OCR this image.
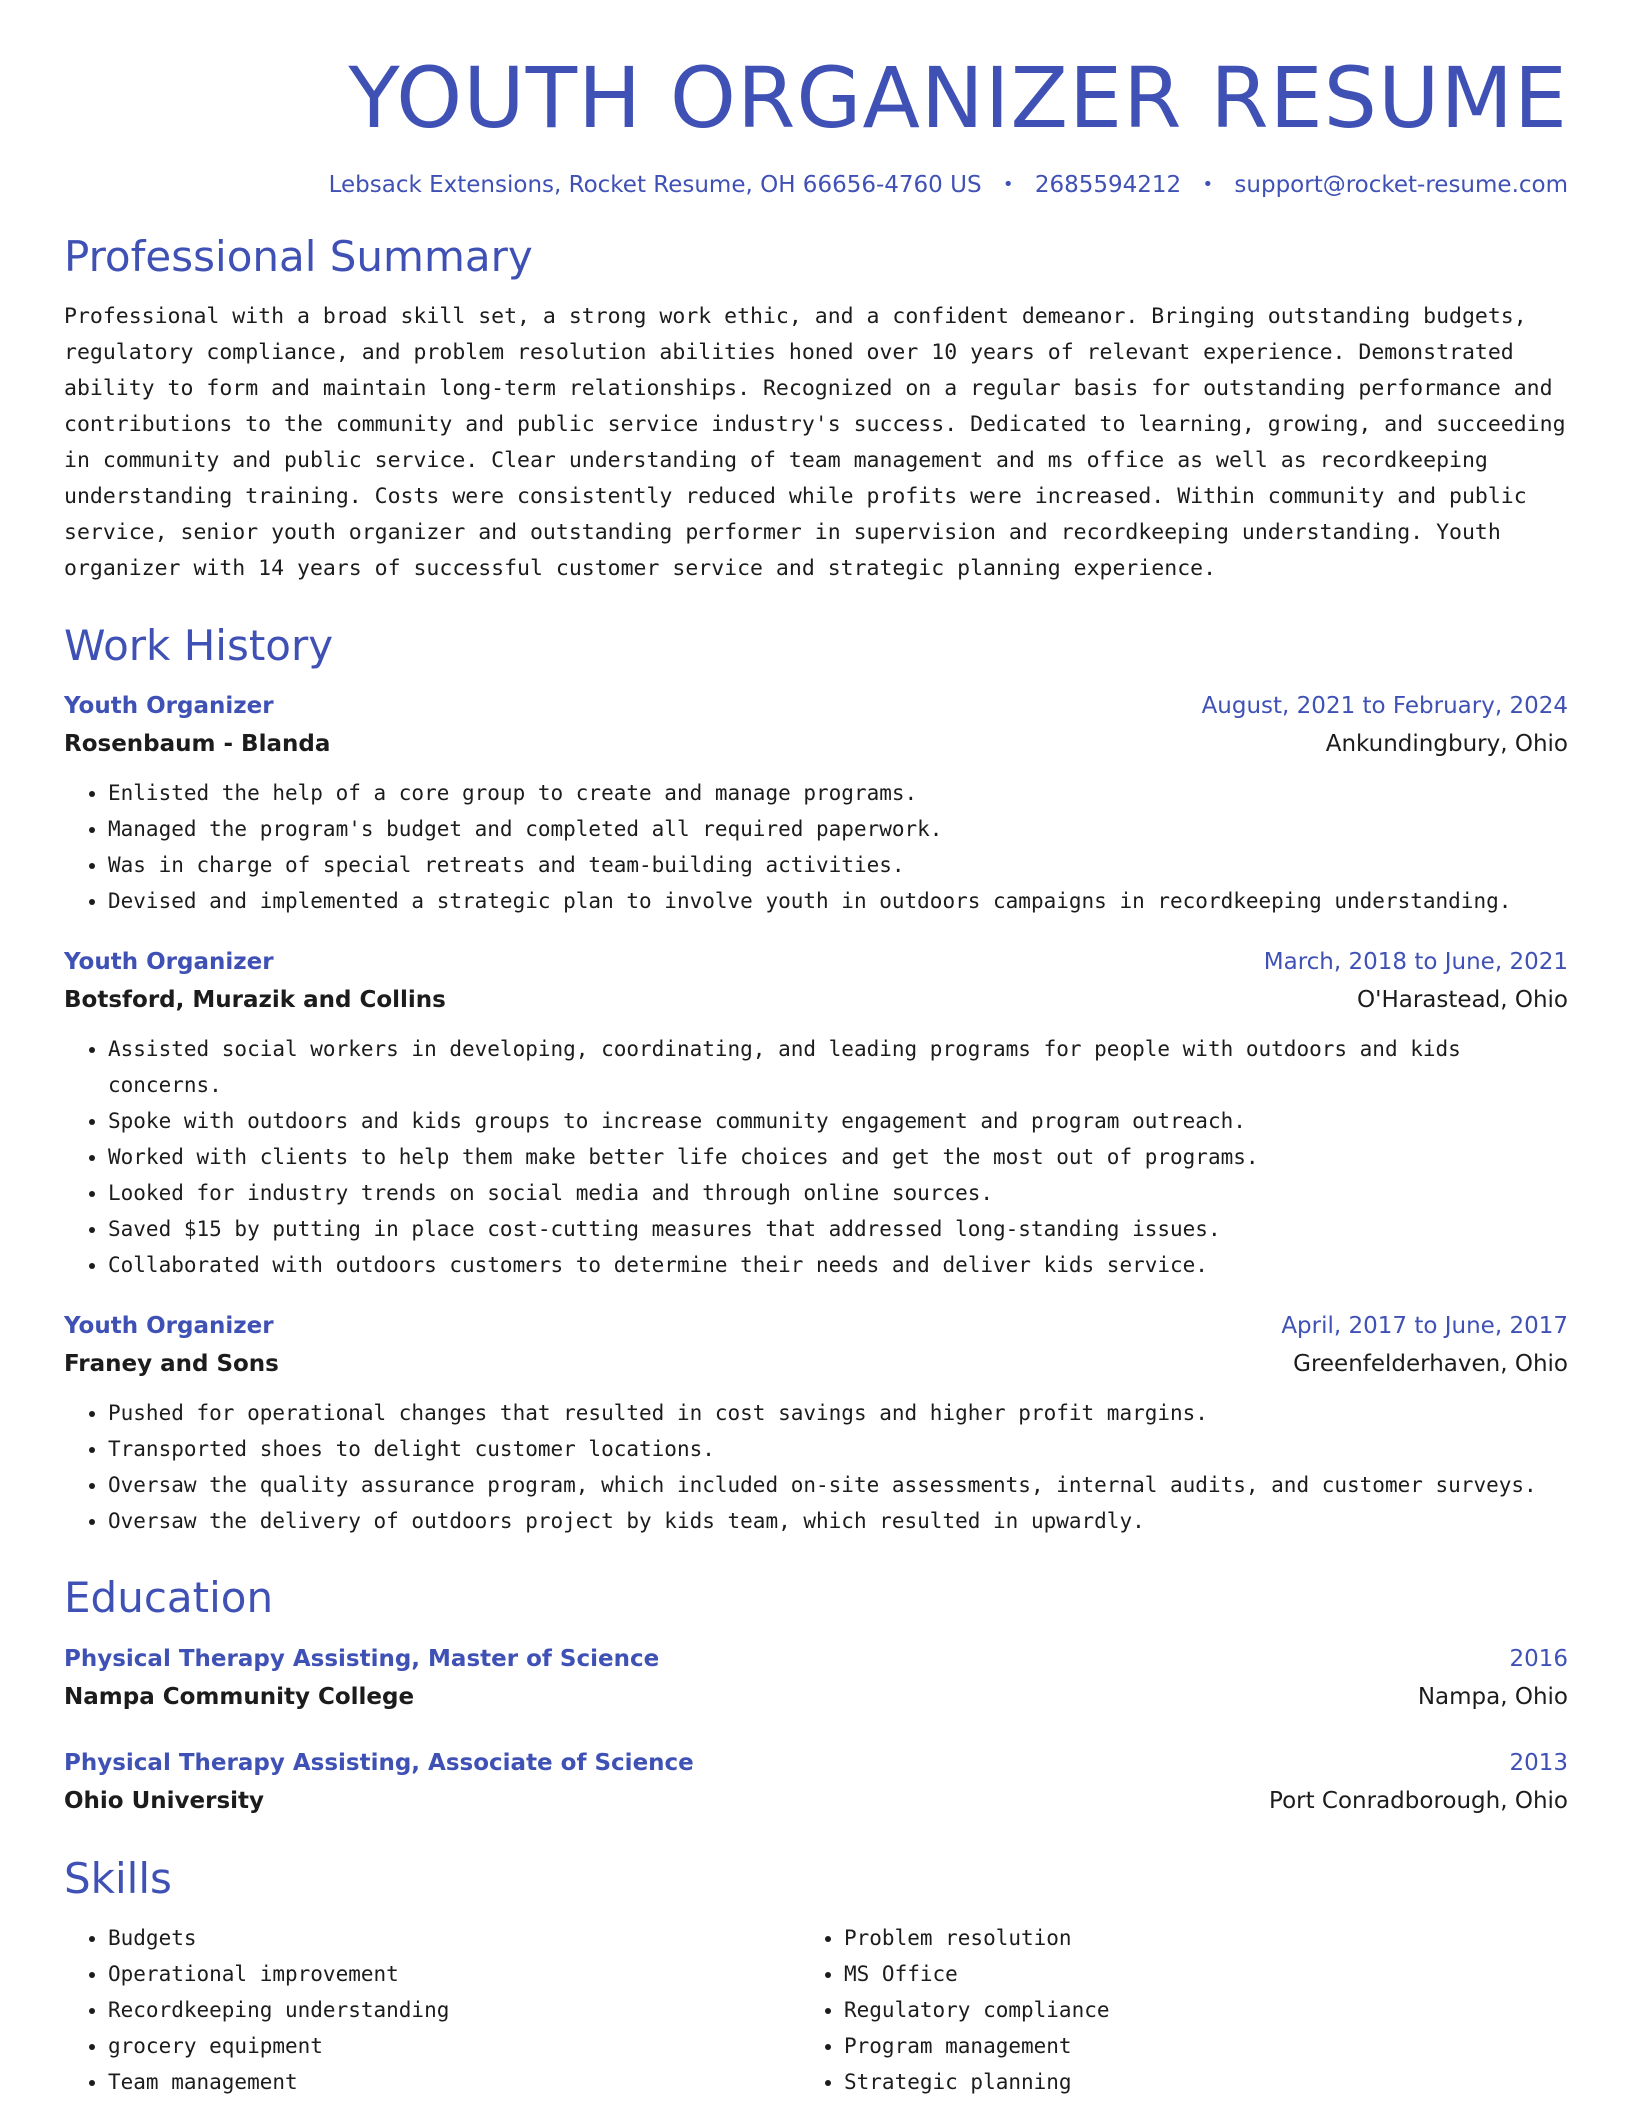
YOUTH ORGANIZER RESUME
Lebsack Extensions, Rocket Resume, OH 66656-4760 US • 2685594212 • support@rocket-resume.com
Professional Summary

Professional with a broad skill set, a strong work ethic, and a confident demeanor. Bringing outstanding budgets, regulatory compliance, and problem resolution abilities honed over 10 years of relevant experience. Demonstrated ability to form and maintain long-term relationships. Recognized on a regular basis for outstanding performance and contributions to the community and public service industry's success. Dedicated to learning, growing, and succeeding in community and public service. Clear understanding of team management and ms office as well as recordkeeping understanding training. Costs were consistently reduced while profits were increased. Within community and public service, senior youth organizer and outstanding performer in supervision and recordkeeping understanding. Youth organizer with 14 years of successful customer service and strategic planning experience.

Work History
Youth Organizer	August, 2021 to February, 2024
Rosenbaum - Blanda	Ankundingbury, Ohio
• Enlisted the help of a core group to create and manage programs.
• Managed the program's budget and completed all required paperwork.
• Was in charge of special retreats and team-building activities.
• Devised and implemented a strategic plan to involve youth in outdoors campaigns in recordkeeping understanding.
Youth Organizer	March, 2018 to June, 2021
Botsford, Murazik and Collins	O'Harastead, Ohio
• Assisted social workers in developing, coordinating, and leading programs for people with outdoors and kids concerns.
• Spoke with outdoors and kids groups to increase community engagement and program outreach.
• Worked with clients to help them make better life choices and get the most out of programs.
• Looked for industry trends on social media and through online sources.
• Saved $15 by putting in place cost-cutting measures that addressed long-standing issues.
• Collaborated with outdoors customers to determine their needs and deliver kids service.
Youth Organizer	April, 2017 to June, 2017
Franey and Sons	Greenfelderhaven, Ohio
• Pushed for operational changes that resulted in cost savings and higher profit margins.
• Transported shoes to delight customer locations.
• Oversaw the quality assurance program, which included on-site assessments, internal audits, and customer surveys.
• Oversaw the delivery of outdoors project by kids team, which resulted in upwardly.
Education
Physical Therapy Assisting, Master of Science	2016
Nampa Community College	Nampa, Ohio
Physical Therapy Assisting, Associate of Science	2013
Ohio University	Port Conradborough, Ohio
Skills
• Budgets
• Operational improvement
• Recordkeeping understanding
• grocery equipment
• Team management
• Problem resolution
• MS Office
• Regulatory compliance
• Program management
• Strategic planning
